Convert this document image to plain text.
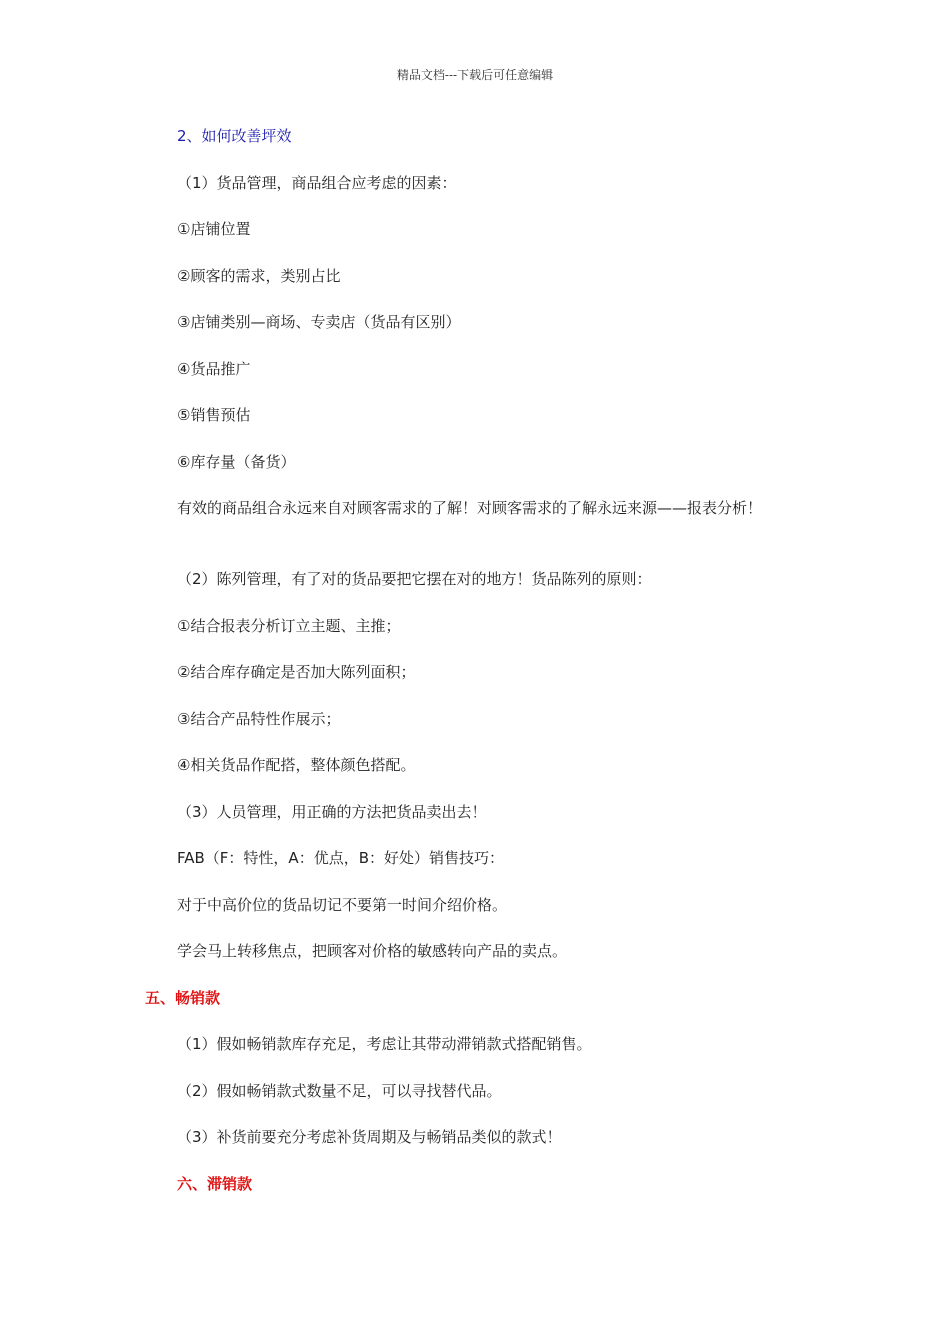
精品文档---下载后可任意编辑
2、如何改善坪效
（1）货品管理，商品组合应考虑的因素：
①店铺位置
②顾客的需求，类别占比
③店铺类别—商场、专卖店（货品有区别）
④货品推广
⑤销售预估
⑥库存量（备货）
有效的商品组合永远来自对顾客需求的了解！对顾客需求的了解永远来源——报表分析！
（2）陈列管理，有了对的货品要把它摆在对的地方！货品陈列的原则：
①结合报表分析订立主题、主推；
②结合库存确定是否加大陈列面积；
③结合产品特性作展示；
④相关货品作配搭，整体颜色搭配。
（3）人员管理，用正确的方法把货品卖出去！
FAB（F：特性，A：优点，B：好处）销售技巧：
对于中高价位的货品切记不要第一时间介绍价格。
学会马上转移焦点，把顾客对价格的敏感转向产品的卖点。
五、畅销款
（1）假如畅销款库存充足，考虑让其带动滞销款式搭配销售。
（2）假如畅销款式数量不足，可以寻找替代品。
（3）补货前要充分考虑补货周期及与畅销品类似的款式！
六、滞销款
